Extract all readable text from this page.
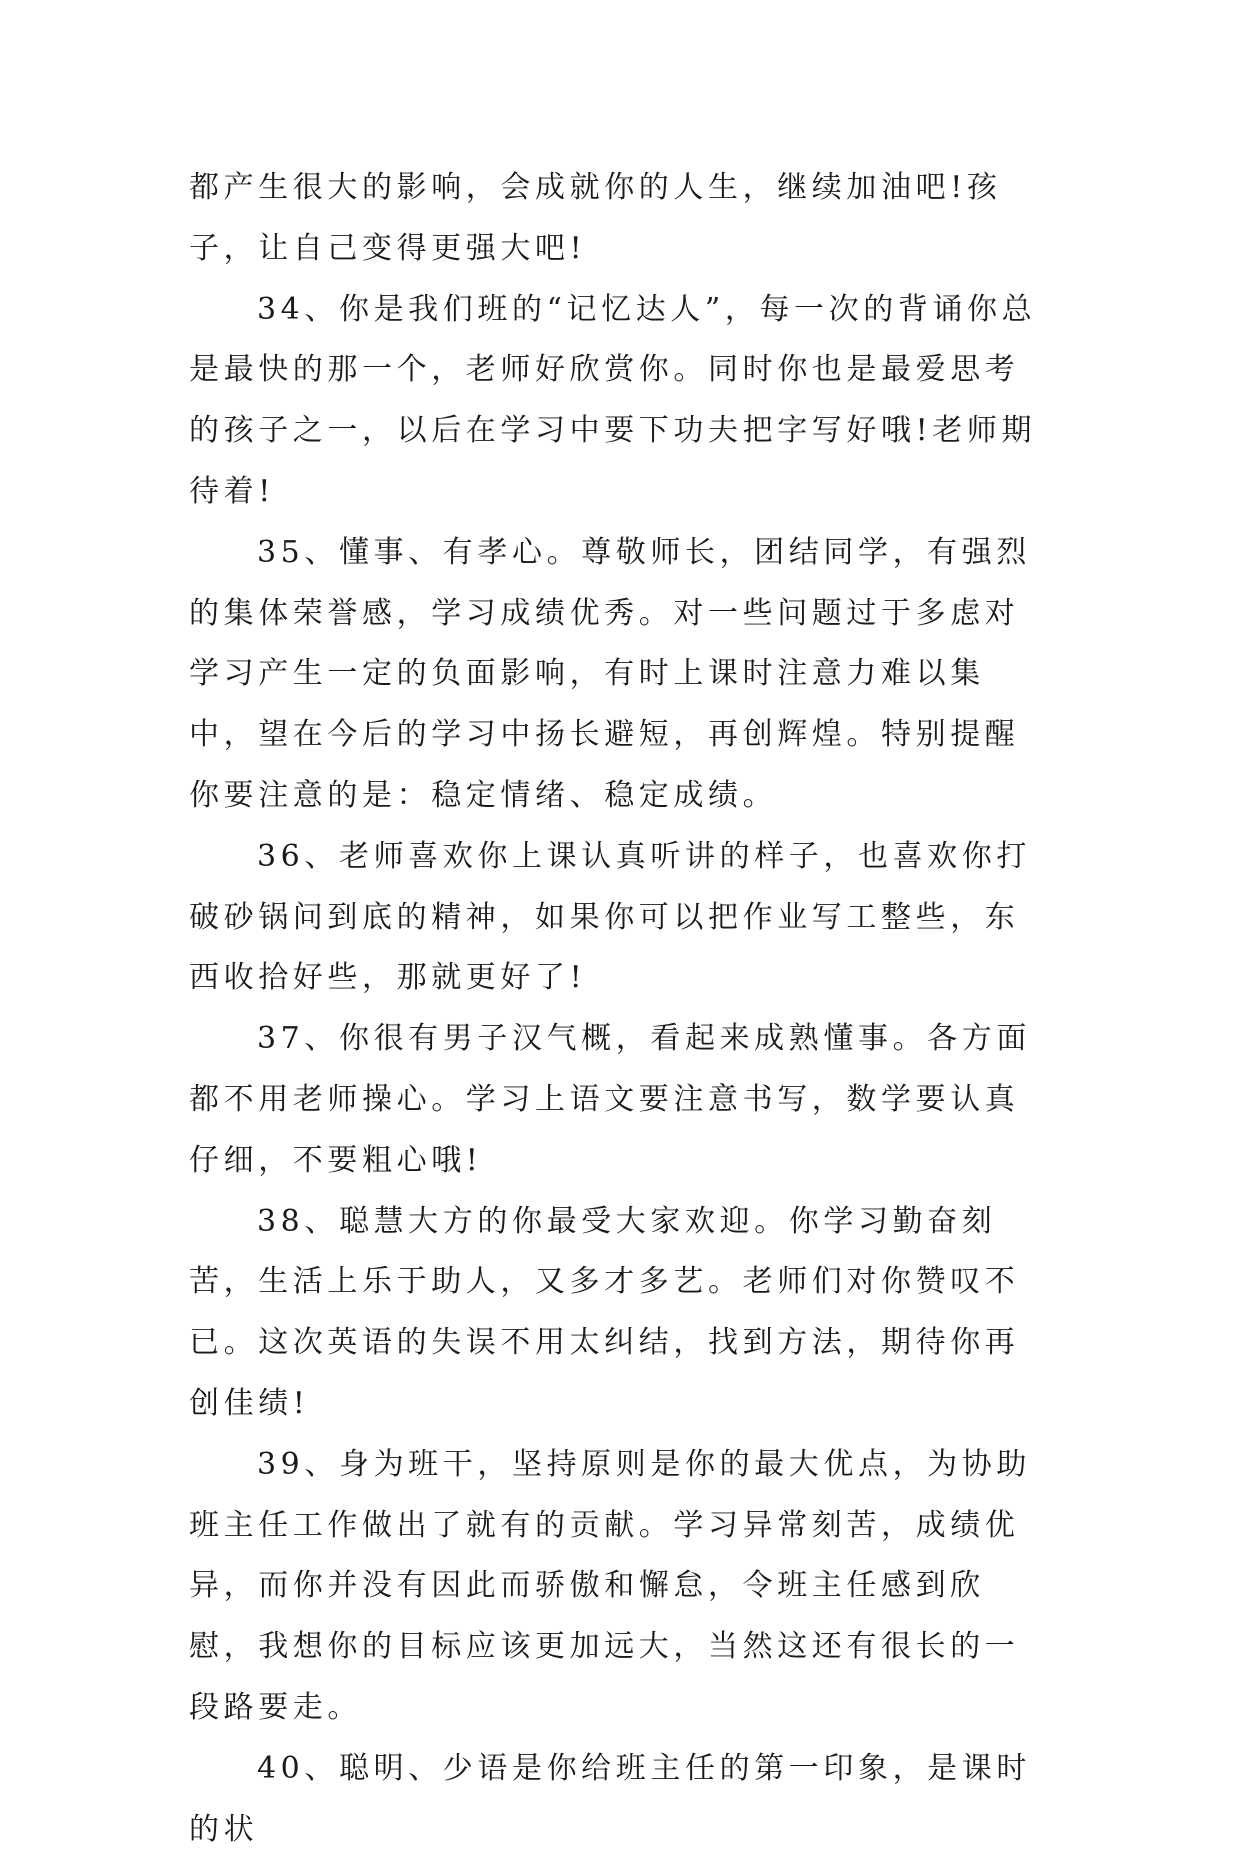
都产生很大的影响，会成就你的人生，继续加油吧!孩子，让自己变得更强大吧!

34、你是我们班的“记忆达人”，每一次的背诵你总是最快的那一个，老师好欣赏你。同时你也是最爱思考的孩子之一，以后在学习中要下功夫把字写好哦!老师期待着!

35、懂事、有孝心。尊敬师长，团结同学，有强烈的集体荣誉感，学习成绩优秀。对一些问题过于多虑对学习产生一定的负面影响，有时上课时注意力难以集中，望在今后的学习中扬长避短，再创辉煌。特别提醒你要注意的是：稳定情绪、稳定成绩。

36、老师喜欢你上课认真听讲的样子，也喜欢你打破砂锅问到底的精神，如果你可以把作业写工整些，东西收拾好些，那就更好了!

37、你很有男子汉气概，看起来成熟懂事。各方面都不用老师操心。学习上语文要注意书写，数学要认真仔细，不要粗心哦!

38、聪慧大方的你最受大家欢迎。你学习勤奋刻苦，生活上乐于助人，又多才多艺。老师们对你赞叹不已。这次英语的失误不用太纠结，找到方法，期待你再创佳绩!

39、身为班干，坚持原则是你的最大优点，为协助班主任工作做出了就有的贡献。学习异常刻苦，成绩优异，而你并没有因此而骄傲和懈怠，令班主任感到欣慰，我想你的目标应该更加远大，当然这还有很长的一段路要走。

40、聪明、少语是你给班主任的第一印象，是课时的状
